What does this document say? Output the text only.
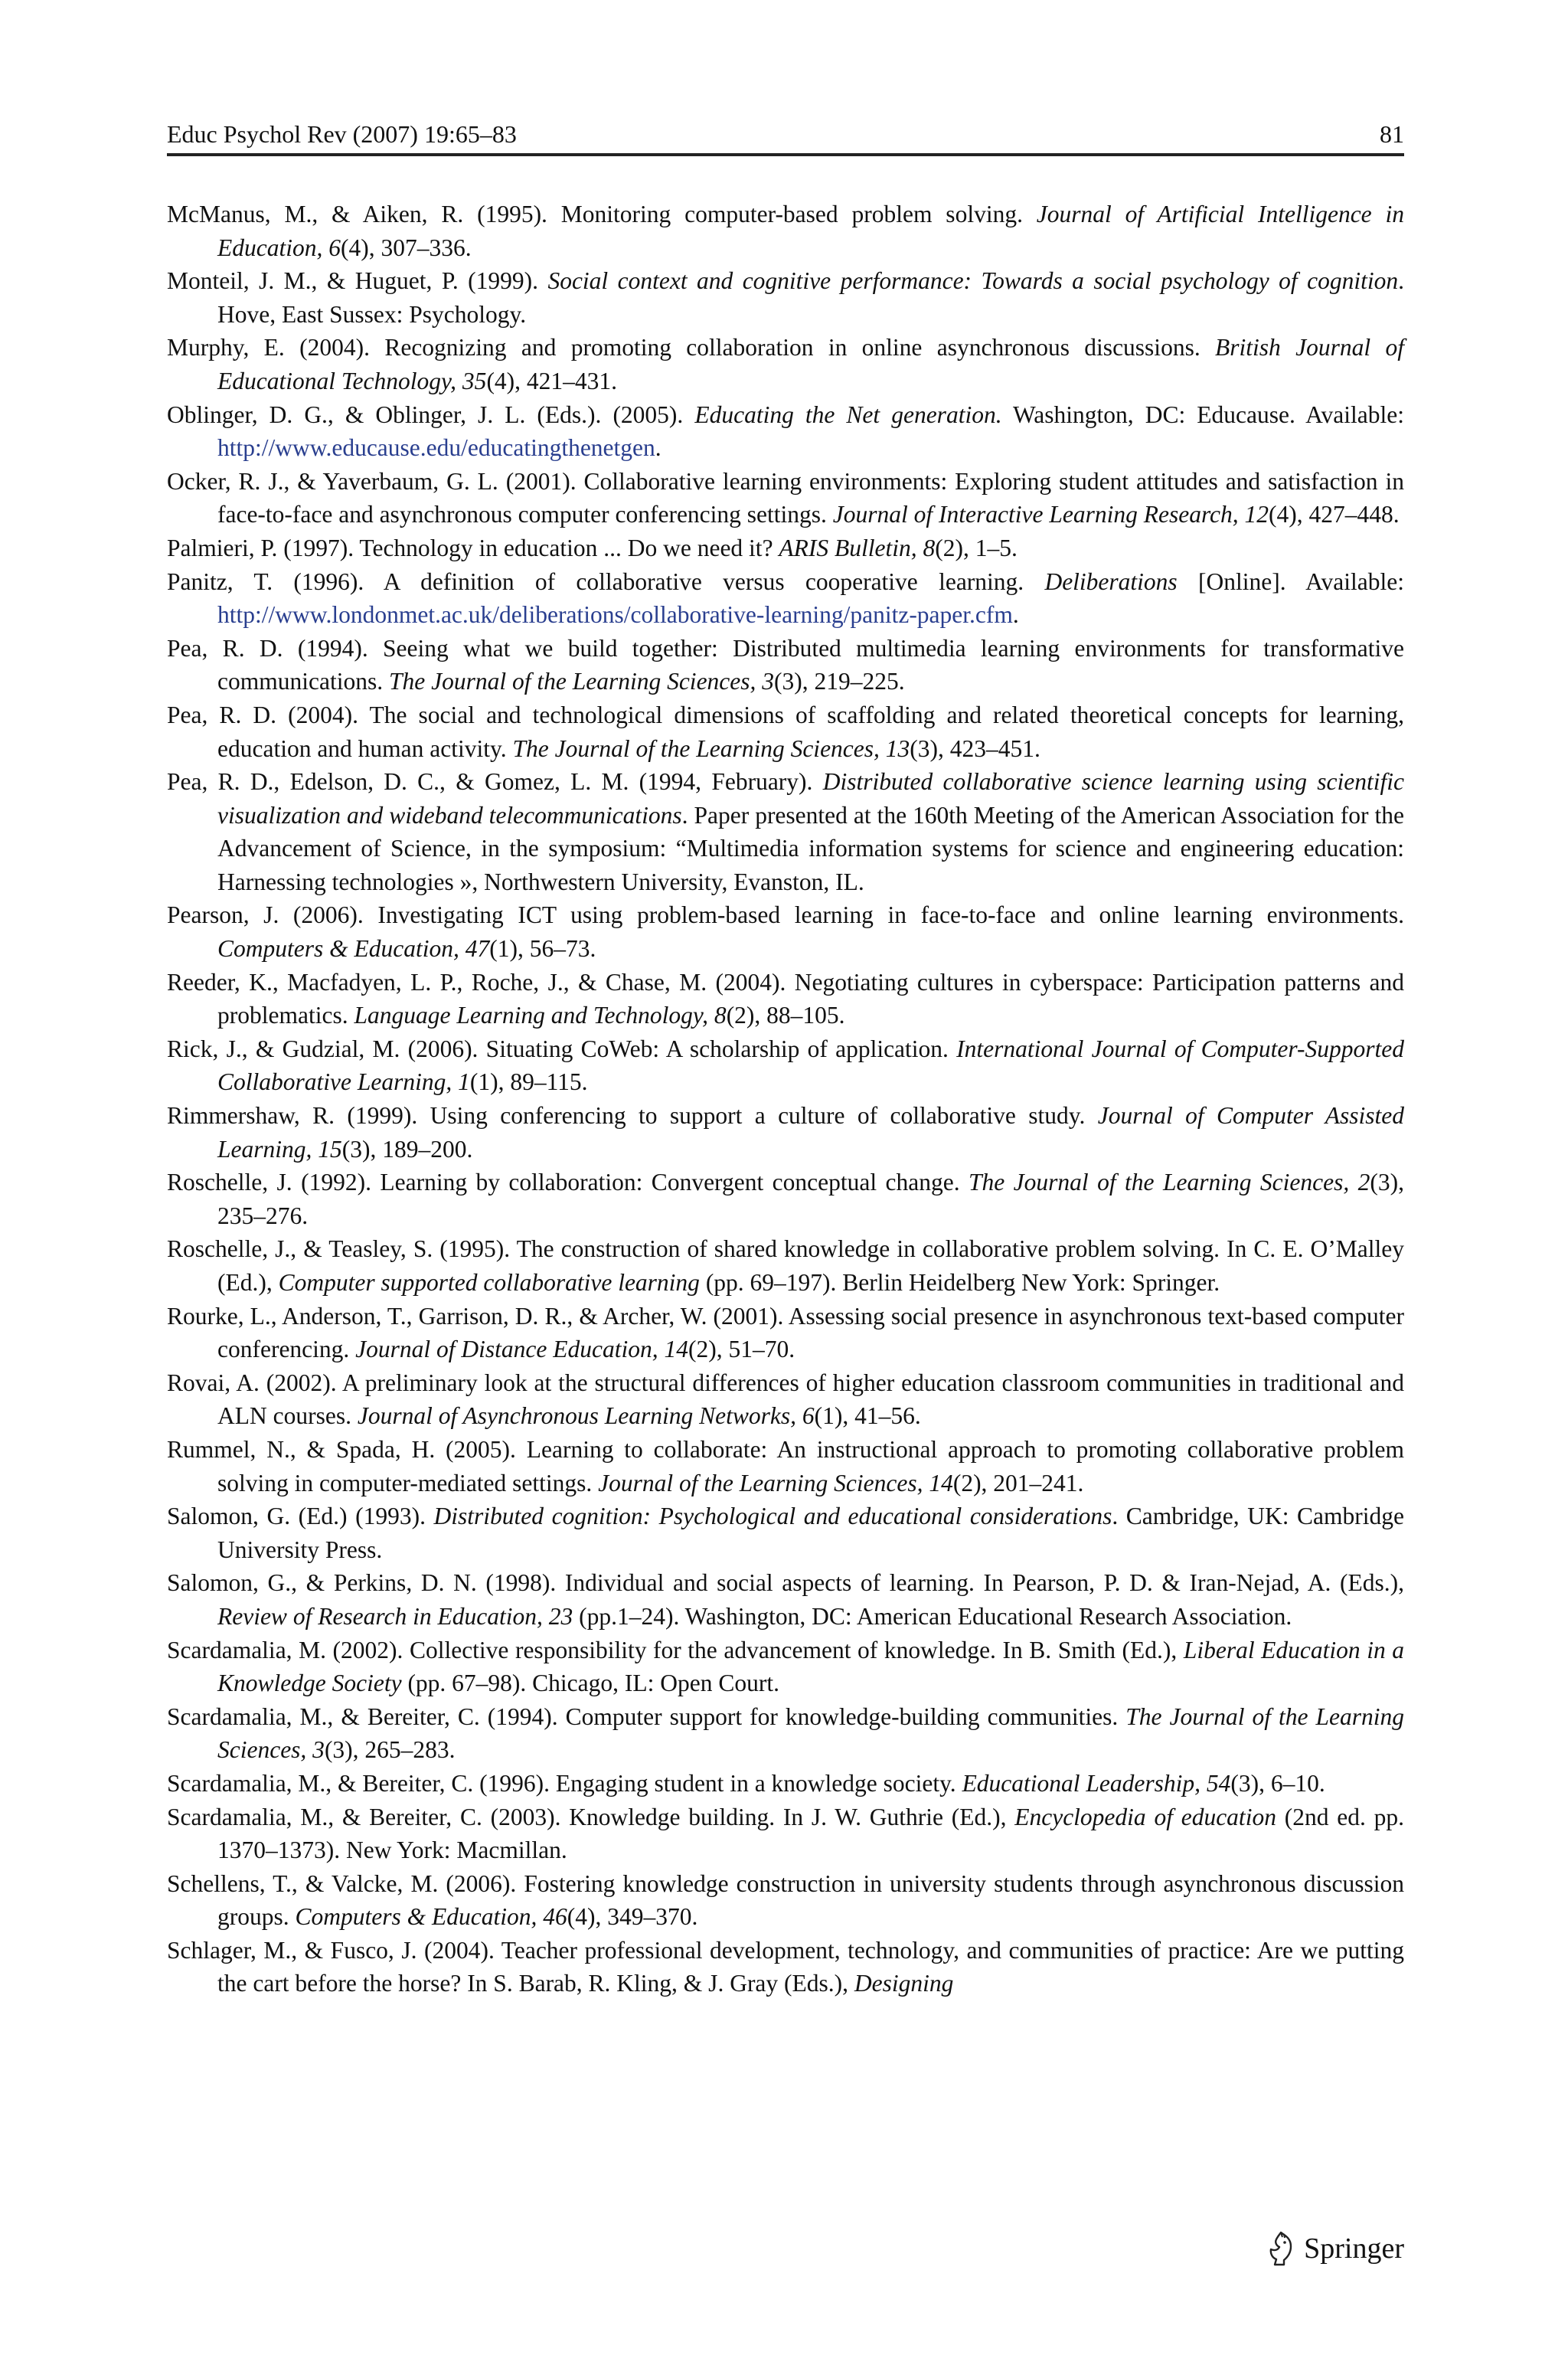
Educ Psychol Rev (2007) 19:65–83	81

McManus, M., & Aiken, R. (1995). Monitoring computer-based problem solving. Journal of Artificial Intelligence in Education, 6(4), 307–336.

Monteil, J. M., & Huguet, P. (1999). Social context and cognitive performance: Towards a social psychology of cognition. Hove, East Sussex: Psychology.

Murphy, E. (2004). Recognizing and promoting collaboration in online asynchronous discussions. British Journal of Educational Technology, 35(4), 421–431.

Oblinger, D. G., & Oblinger, J. L. (Eds.). (2005). Educating the Net generation. Washington, DC: Educause. Available: http://www.educause.edu/educatingthenetgen.

Ocker, R. J., & Yaverbaum, G. L. (2001). Collaborative learning environments: Exploring student attitudes and satisfaction in face-to-face and asynchronous computer conferencing settings. Journal of Interactive Learning Research, 12(4), 427–448.

Palmieri, P. (1997). Technology in education ... Do we need it? ARIS Bulletin, 8(2), 1–5.

Panitz, T. (1996). A definition of collaborative versus cooperative learning. Deliberations [Online]. Available: http://www.londonmet.ac.uk/deliberations/collaborative-learning/panitz-paper.cfm.

Pea, R. D. (1994). Seeing what we build together: Distributed multimedia learning environments for transformative communications. The Journal of the Learning Sciences, 3(3), 219–225.

Pea, R. D. (2004). The social and technological dimensions of scaffolding and related theoretical concepts for learning, education and human activity. The Journal of the Learning Sciences, 13(3), 423–451.

Pea, R. D., Edelson, D. C., & Gomez, L. M. (1994, February). Distributed collaborative science learning using scientific visualization and wideband telecommunications. Paper presented at the 160th Meeting of the American Association for the Advancement of Science, in the symposium: “Multimedia information systems for science and engineering education: Harnessing technologies », Northwestern University, Evanston, IL.

Pearson, J. (2006). Investigating ICT using problem-based learning in face-to-face and online learning environments. Computers & Education, 47(1), 56–73.

Reeder, K., Macfadyen, L. P., Roche, J., & Chase, M. (2004). Negotiating cultures in cyberspace: Participation patterns and problematics. Language Learning and Technology, 8(2), 88–105.

Rick, J., & Gudzial, M. (2006). Situating CoWeb: A scholarship of application. International Journal of Computer-Supported Collaborative Learning, 1(1), 89–115.

Rimmershaw, R. (1999). Using conferencing to support a culture of collaborative study. Journal of Computer Assisted Learning, 15(3), 189–200.

Roschelle, J. (1992). Learning by collaboration: Convergent conceptual change. The Journal of the Learning Sciences, 2(3), 235–276.

Roschelle, J., & Teasley, S. (1995). The construction of shared knowledge in collaborative problem solving. In C. E. O’Malley (Ed.), Computer supported collaborative learning (pp. 69–197). Berlin Heidelberg New York: Springer.

Rourke, L., Anderson, T., Garrison, D. R., & Archer, W. (2001). Assessing social presence in asynchronous text-based computer conferencing. Journal of Distance Education, 14(2), 51–70.

Rovai, A. (2002). A preliminary look at the structural differences of higher education classroom communities in traditional and ALN courses. Journal of Asynchronous Learning Networks, 6(1), 41–56.

Rummel, N., & Spada, H. (2005). Learning to collaborate: An instructional approach to promoting collaborative problem solving in computer-mediated settings. Journal of the Learning Sciences, 14(2), 201–241.

Salomon, G. (Ed.) (1993). Distributed cognition: Psychological and educational considerations. Cambridge, UK: Cambridge University Press.

Salomon, G., & Perkins, D. N. (1998). Individual and social aspects of learning. In Pearson, P. D. & Iran-Nejad, A. (Eds.), Review of Research in Education, 23 (pp.1–24). Washington, DC: American Educational Research Association.

Scardamalia, M. (2002). Collective responsibility for the advancement of knowledge. In B. Smith (Ed.), Liberal Education in a Knowledge Society (pp. 67–98). Chicago, IL: Open Court.

Scardamalia, M., & Bereiter, C. (1994). Computer support for knowledge-building communities. The Journal of the Learning Sciences, 3(3), 265–283.

Scardamalia, M., & Bereiter, C. (1996). Engaging student in a knowledge society. Educational Leadership, 54(3), 6–10.

Scardamalia, M., & Bereiter, C. (2003). Knowledge building. In J. W. Guthrie (Ed.), Encyclopedia of education (2nd ed. pp. 1370–1373). New York: Macmillan.

Schellens, T., & Valcke, M. (2006). Fostering knowledge construction in university students through asynchronous discussion groups. Computers & Education, 46(4), 349–370.

Schlager, M., & Fusco, J. (2004). Teacher professional development, technology, and communities of practice: Are we putting the cart before the horse? In S. Barab, R. Kling, & J. Gray (Eds.), Designing

Springer
